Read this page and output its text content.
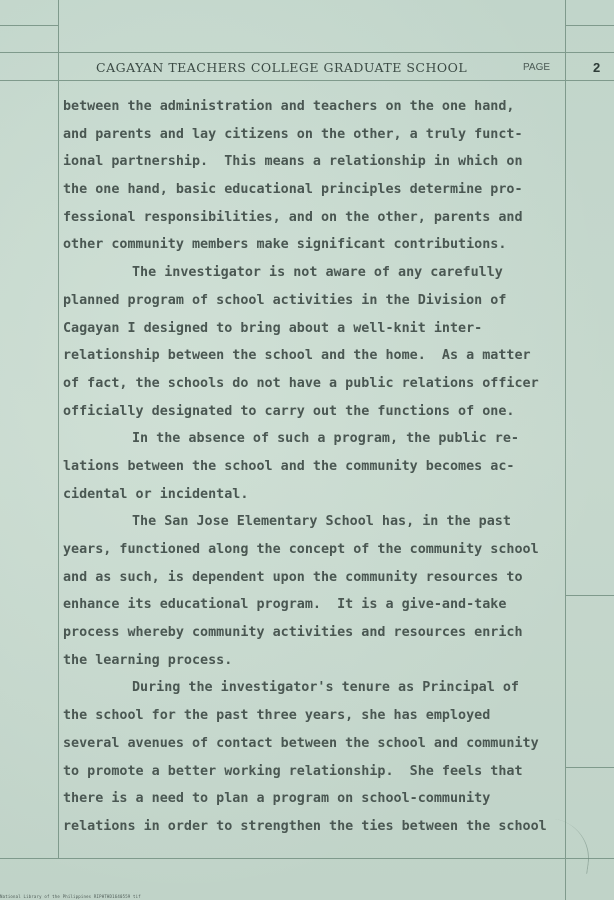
CAGAYAN TEACHERS COLLEGE GRADUATE SCHOOL	PAGE	2
between the administration and teachers on the one hand,
and parents and lay citizens on the other, a truly funct-
ional partnership.  This means a relationship in which on
the one hand, basic educational principles determine pro-
fessional responsibilities, and on the other, parents and
other community members make significant contributions.
The investigator is not aware of any carefully
planned program of school activities in the Division of
Cagayan I designed to bring about a well-knit inter-
relationship between the school and the home.  As a matter
of fact, the schools do not have a public relations officer
officially designated to carry out the functions of one.
In the absence of such a program, the public re-
lations between the school and the community becomes ac-
cidental or incidental.
The San Jose Elementary School has, in the past
years, functioned along the concept of the community school
and as such, is dependent upon the community resources to
enhance its educational program.  It is a give-and-take
process whereby community activities and resources enrich
the learning process.
During the investigator's tenure as Principal of
the school for the past three years, she has employed
several avenues of contact between the school and community
to promote a better working relationship.  She feels that
there is a need to plan a program on school-community
relations in order to strengthen the ties between the school
National Library of the Philippines RIPHTHD1640559 tif
